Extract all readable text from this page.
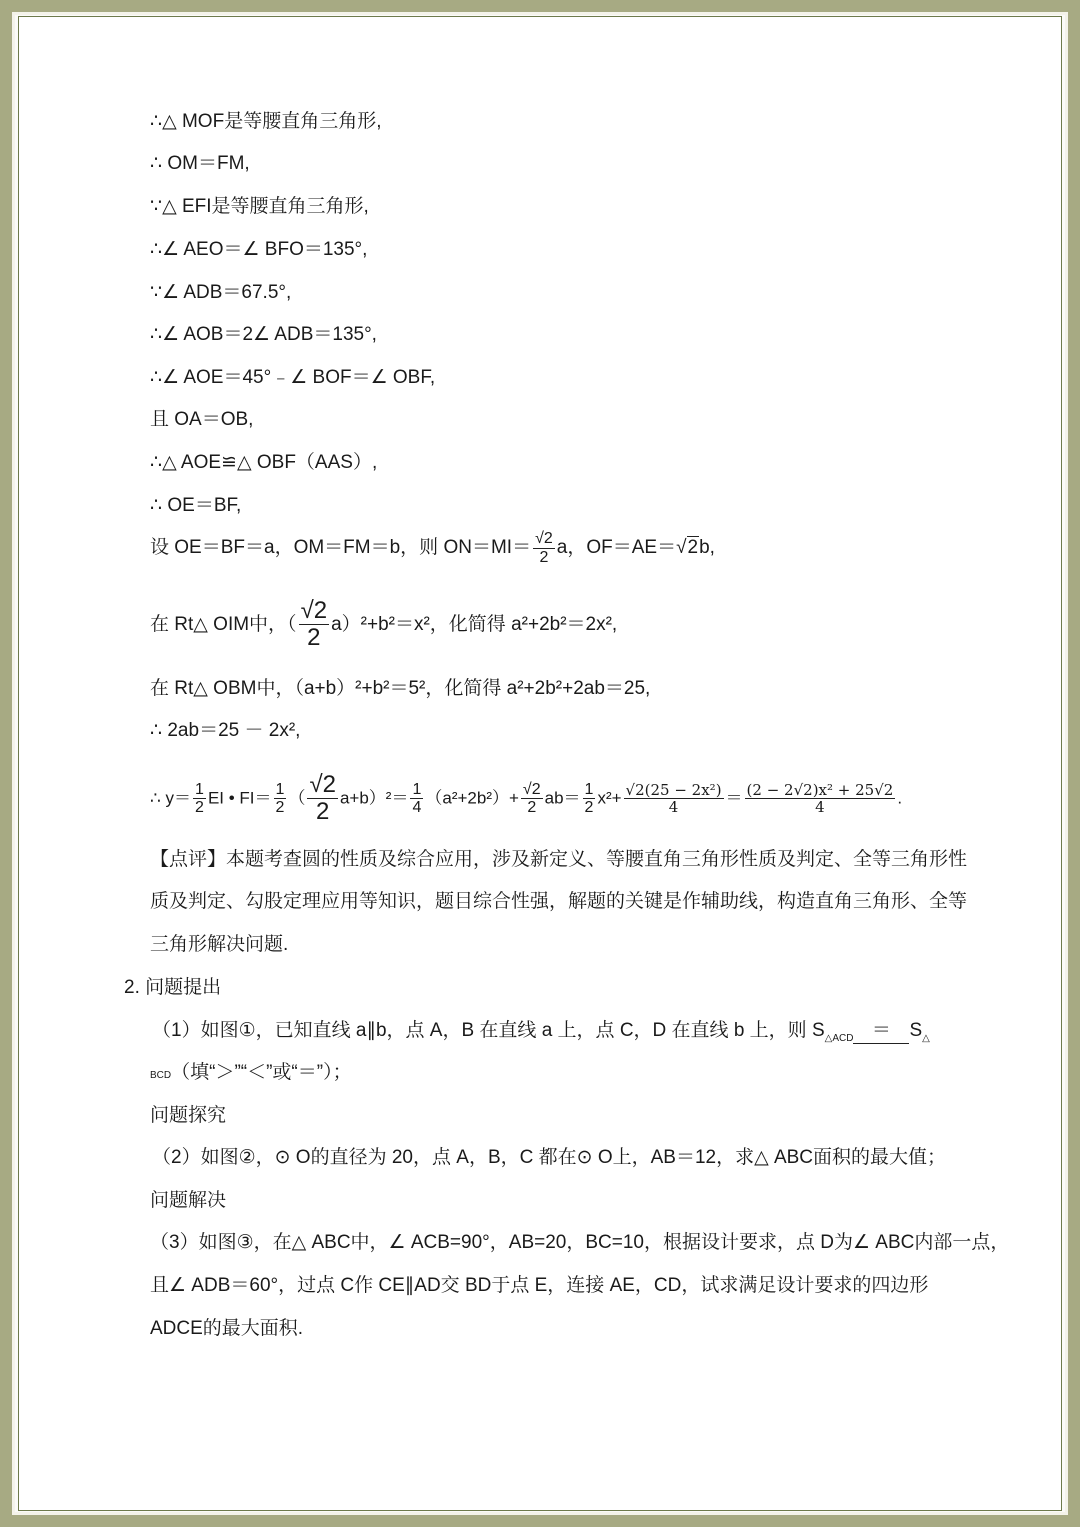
∴△ MOF是等腰直角三角形,
∴ OM＝FM,
∵△ EFI是等腰直角三角形,
∴∠ AEO＝∠ BFO＝135°,
∵∠ ADB＝67.5°,
∴∠ AOB＝2∠ ADB＝135°,
∴∠ AOE＝45°﹣∠ BOF＝∠ OBF,
且 OA＝OB,
∴△ AOE≌△ OBF（AAS）,
∴ OE＝BF,
设 OE＝BF＝a，OM＝FM＝b，则 $ON=MI= \frac{√2}{2}$ a，OF＝AE＝√2b,
在 Rt△ OIM中，（ $\frac{√2}{2} a)^2+b^2=x^2$，化简得 a²+2b²＝2x²,
在 Rt△ OBM中，（a+b）²+b²＝5²，化简得 a²+2b²+2ab＝25,
∴ 2ab＝25 － 2x²,
∴ $y= \frac{1}{2}$ EI • $FI= \frac{1}{2}$ （ $\frac{√2}{2} a+b)^2= \frac{1}{4} (a^2+2b^2)+ \frac{√2}{2} ab= \frac{1}{2} x^2+ \frac{\text{√2(25 − 2x²)}}{4} = \frac{\text{(2 − 2√2)x² + 25√2}}{4}$ .
【点评】本题考查圆的性质及综合应用，涉及新定义、等腰直角三角形性质及判定、全等三角形性
质及判定、勾股定理应用等知识，题目综合性强，解题的关键是作辅助线，构造直角三角形、全等
三角形解决问题.
2. 问题提出
（1）如图①，已知直线 a∥b，点 A，B 在直线 a 上，点 C，D 在直线 b 上，则 $S_{\triangle ACD} = S_\triangle$
BCD（填“＞”“＜”或“＝”）；
问题探究
（2）如图②，⊙ O的直径为 20，点 A，B，C 都在⊙ O上，AB＝12，求△ ABC面积的最大值；
问题解决
（3）如图③，在△ ABC中，∠ ACB=90°，AB=20，BC=10，根据设计要求，点 D为∠ ABC内部一点，
且∠ ADB＝60°，过点 C作 CE∥AD交 BD于点 E，连接 AE，CD，试求满足设计要求的四边形
ADCE的最大面积.
